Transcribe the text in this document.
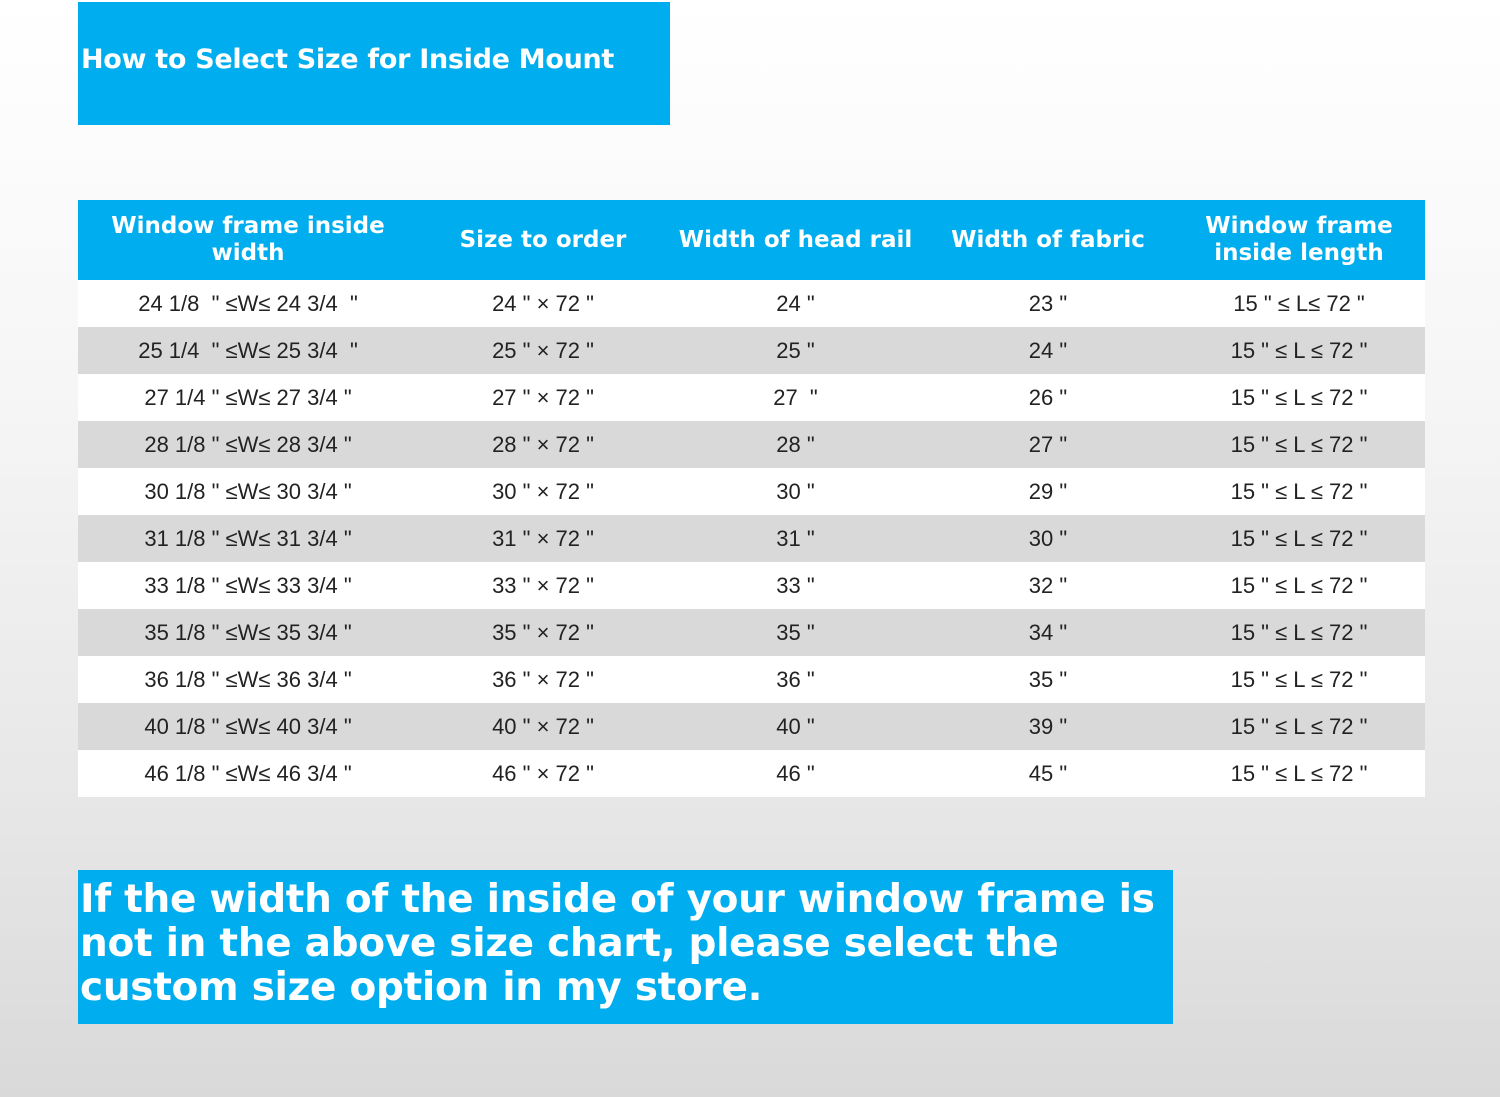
How to Select Size for Inside Mount
Window frame inside width	Size to order	Width of head rail	Width of fabric	Window frame inside length
24 1/8  " ≤W≤ 24 3/4  "	24 " × 72 "	24 "	23 "	15 " ≤ L≤ 72 "
25 1/4  " ≤W≤ 25 3/4  "	25 " × 72 "	25 "	24 "	15 " ≤ L ≤ 72 "
27 1/4 " ≤W≤ 27 3/4 "	27 " × 72 "	27  "	26 "	15 " ≤ L ≤ 72 "
28 1/8 " ≤W≤ 28 3/4 "	28 " × 72 "	28 "	27 "	15 " ≤ L ≤ 72 "
30 1/8 " ≤W≤ 30 3/4 "	30 " × 72 "	30 "	29 "	15 " ≤ L ≤ 72 "
31 1/8 " ≤W≤ 31 3/4 "	31 " × 72 "	31 "	30 "	15 " ≤ L ≤ 72 "
33 1/8 " ≤W≤ 33 3/4 "	33 " × 72 "	33 "	32 "	15 " ≤ L ≤ 72 "
35 1/8 " ≤W≤ 35 3/4 "	35 " × 72 "	35 "	34 "	15 " ≤ L ≤ 72 "
36 1/8 " ≤W≤ 36 3/4 "	36 " × 72 "	36 "	35 "	15 " ≤ L ≤ 72 "
40 1/8 " ≤W≤ 40 3/4 "	40 " × 72 "	40 "	39 "	15 " ≤ L ≤ 72 "
46 1/8 " ≤W≤ 46 3/4 "	46 " × 72 "	46 "	45 "	15 " ≤ L ≤ 72 "
If the width of the inside of your window frame is not in the above size chart, please select the custom size option in my store.
